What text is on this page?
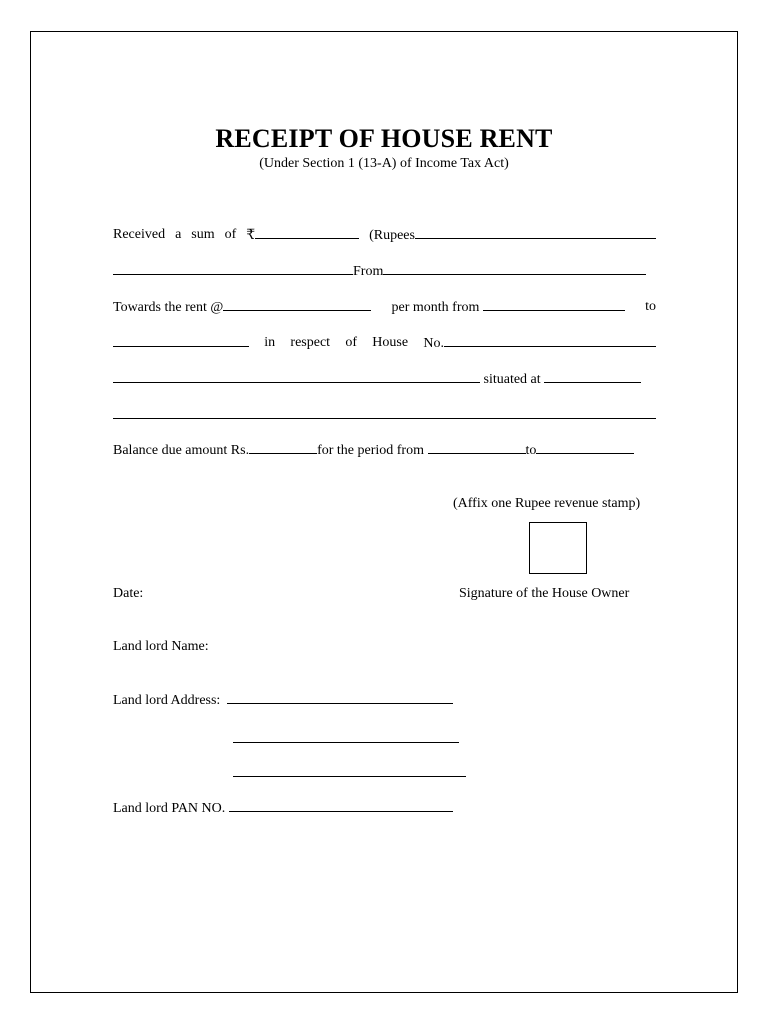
RECEIPT OF HOUSE RENT
(Under Section 1 (13-A) of Income Tax Act)
Received a sum of ₹	(Rupees
From
Towards the rent @	per month from	to
in respect of House No.
situated at
Balance due amount Rs.	for the period from	to
(Affix one Rupee revenue stamp)
Date:	Signature of the House Owner
Land lord Name:
Land lord Address:
Land lord PAN NO.
